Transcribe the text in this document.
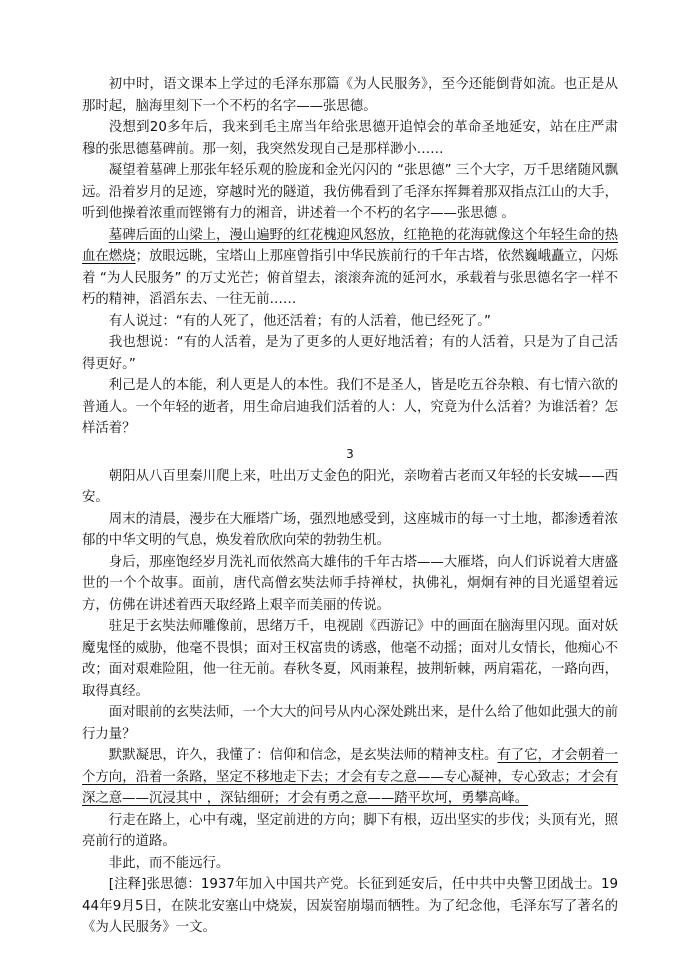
初中时，语文课本上学过的毛泽东那篇《为人民服务》，至今还能倒背如流。也正是从那时起，脑海里刻下一个不朽的名字——张思德。

没想到20多年后，我来到毛主席当年给张思德开追悼会的革命圣地延安，站在庄严肃穆的张思德墓碑前。那一刻，我突然发现自己是那样渺小……

凝望着墓碑上那张年轻乐观的脸庞和金光闪闪的 “张思德” 三个大字，万千思绪随风飘远。沿着岁月的足迹，穿越时光的隧道，我仿佛看到了毛泽东挥舞着那双指点江山的大手，听到他操着浓重而铿锵有力的湘音，讲述着一个不朽的名字——张思德 。

墓碑后面的山梁上，漫山遍野的红花槐迎风怒放，红艳艳的花海就像这个年轻生命的热血在燃烧；放眼远眺，宝塔山上那座曾指引中华民族前行的千年古塔，依然巍峨矗立，闪烁着 “为人民服务” 的万丈光芒；俯首望去，滚滚奔流的延河水，承载着与张思德名字一样不朽的精神，滔滔东去、一往无前……

有人说过：“有的人死了，他还活着；有的人活着，他已经死了。”

我也想说：“有的人活着，是为了更多的人更好地活着；有的人活着，只是为了自己活得更好。”

利己是人的本能，利人更是人的本性。我们不是圣人，皆是吃五谷杂粮、有七情六欲的普通人。一个年轻的逝者，用生命启迪我们活着的人：人，究竟为什么活着？为谁活着？怎样活着？

3

朝阳从八百里秦川爬上来，吐出万丈金色的阳光，亲吻着古老而又年轻的长安城——西安。

周末的清晨，漫步在大雁塔广场，强烈地感受到，这座城市的每一寸土地，都渗透着浓郁的中华文明的气息，焕发着欣欣向荣的勃勃生机。

身后，那座饱经岁月洗礼而依然高大雄伟的千年古塔——大雁塔，向人们诉说着大唐盛世的一个个故事。面前，唐代高僧玄奘法师手持禅杖，执佛礼，炯炯有神的目光遥望着远方，仿佛在讲述着西天取经路上艰辛而美丽的传说。

驻足于玄奘法师雕像前，思绪万千，电视剧《西游记》中的画面在脑海里闪现。面对妖魔鬼怪的威胁，他毫不畏惧；面对王权富贵的诱惑，他毫不动摇；面对儿女情长，他痴心不改；面对艰难险阻，他一往无前。春秋冬夏，风雨兼程，披荆斩棘，两肩霜花，一路向西，取得真经。

面对眼前的玄奘法师，一个大大的问号从内心深处跳出来，是什么给了他如此强大的前行力量？

默默凝思，许久，我懂了：信仰和信念，是玄奘法师的精神支柱。有了它，才会朝着一个方向，沿着一条路，坚定不移地走下去；才会有专之意——专心凝神，专心致志；才会有深之意——沉浸其中 ，深钻细研；才会有勇之意——踏平坎坷，勇攀高峰。

行走在路上，心中有魂，坚定前进的方向；脚下有根，迈出坚实的步伐；头顶有光，照亮前行的道路。

非此，而不能远行。

[注释]张思德：1937年加入中国共产党。长征到延安后，任中共中央警卫团战士。1944年9月5日，在陕北安塞山中烧炭，因炭窑崩塌而牺牲。为了纪念他，毛泽东写了著名的《为人民服务》一文。
